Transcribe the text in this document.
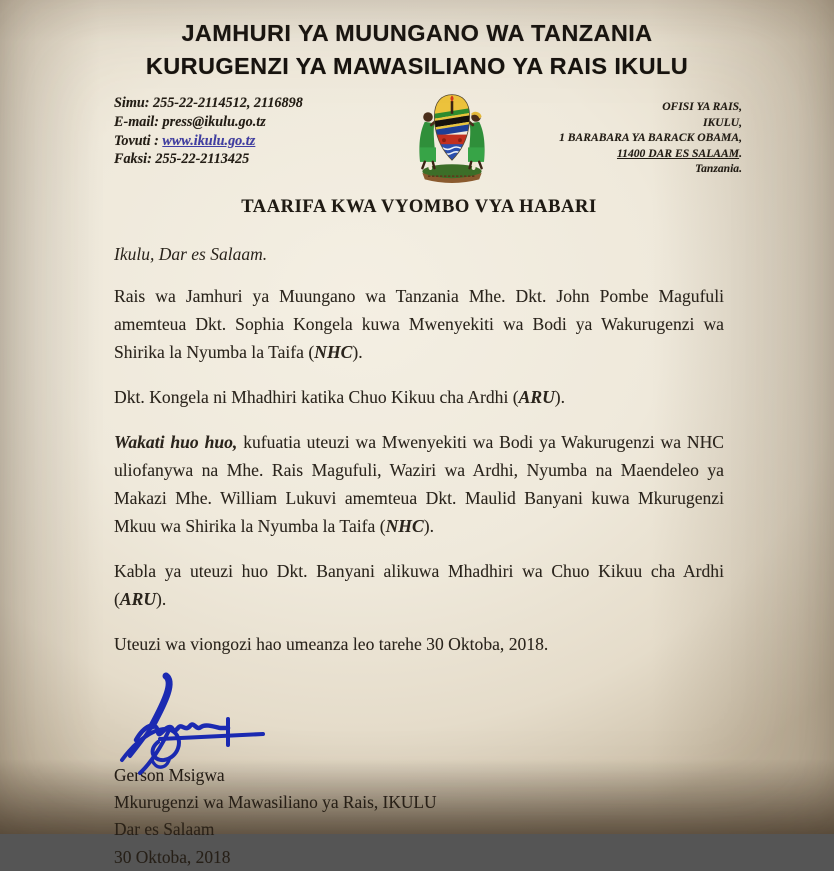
JAMHURI YA MUUNGANO WA TANZANIA
KURUGENZI YA MAWASILIANO YA RAIS IKULU
Simu: 255-22-2114512, 2116898
E-mail: press@ikulu.go.tz
Tovuti : www.ikulu.go.tz
Faksi: 255-22-2113425
OFISI YA RAIS,
IKULU,
1 BARABARA YA BARACK OBAMA,
11400 DAR ES SALAAM.
Tanzania.
TAARIFA KWA VYOMBO VYA HABARI
Ikulu, Dar es Salaam.

Rais wa Jamhuri ya Muungano wa Tanzania Mhe. Dkt. John Pombe Magufuli amemteua Dkt. Sophia Kongela kuwa Mwenyekiti wa Bodi ya Wakurugenzi wa Shirika la Nyumba la Taifa (NHC).

Dkt. Kongela ni Mhadhiri katika Chuo Kikuu cha Ardhi (ARU).

Wakati huo huo, kufuatia uteuzi wa Mwenyekiti wa Bodi ya Wakurugenzi wa NHC uliofanywa na Mhe. Rais Magufuli, Waziri wa Ardhi, Nyumba na Maendeleo ya Makazi Mhe. William Lukuvi amemteua Dkt. Maulid Banyani kuwa Mkurugenzi Mkuu wa Shirika la Nyumba la Taifa (NHC).

Kabla ya uteuzi huo Dkt. Banyani alikuwa Mhadhiri wa Chuo Kikuu cha Ardhi (ARU).

Uteuzi wa viongozi hao umeanza leo tarehe 30 Oktoba, 2018.

Gerson Msigwa
Mkurugenzi wa Mawasiliano ya Rais, IKULU
Dar es Salaam
30 Oktoba, 2018
